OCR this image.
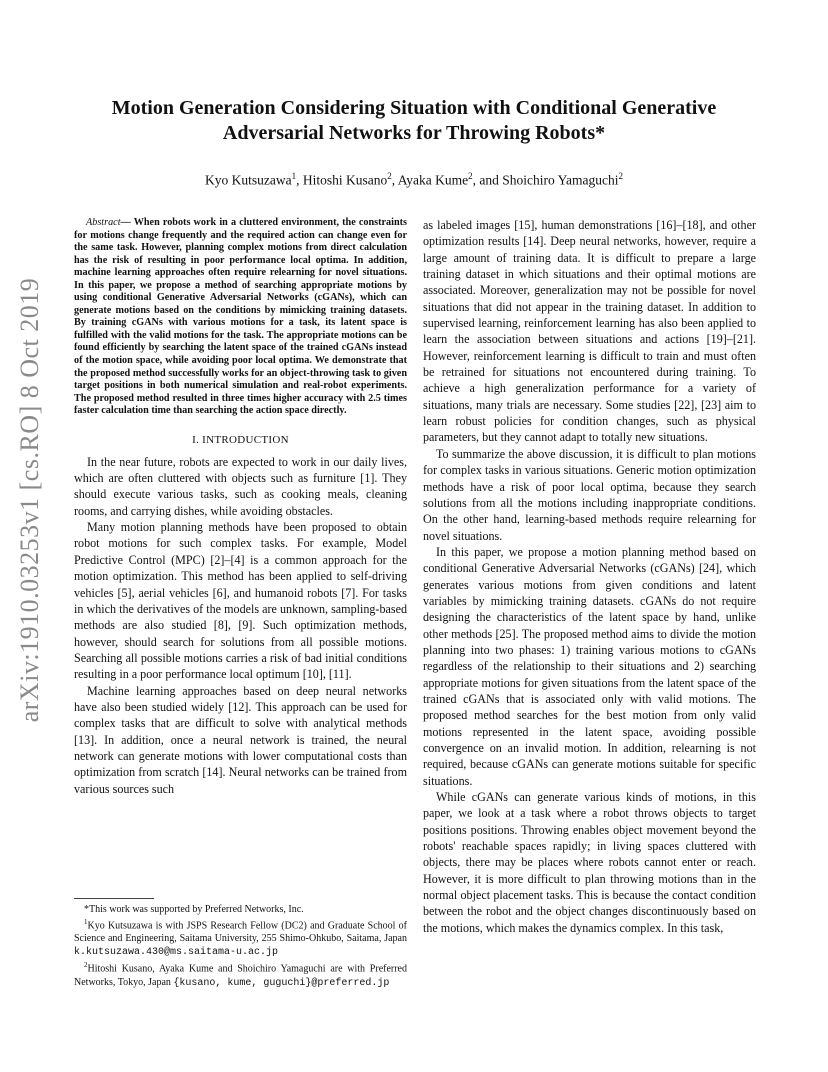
arXiv:1910.03253v1 [cs.RO] 8 Oct 2019
Motion Generation Considering Situation with Conditional Generative
Adversarial Networks for Throwing Robots*

Kyo Kutsuzawa$^1$, Hitoshi Kusano$^2$, Ayaka Kume$^2$, and Shoichiro Yamaguchi$^2$

Abstract— When robots work in a cluttered environment, the constraints for motions change frequently and the required action can change even for the same task. However, planning complex motions from direct calculation has the risk of resulting in poor performance local optima. In addition, machine learning approaches often require relearning for novel situations. In this paper, we propose a method of searching appropriate motions by using conditional Generative Adversarial Networks (cGANs), which can generate motions based on the conditions by mimicking training datasets. By training cGANs with various motions for a task, its latent space is fulfilled with the valid motions for the task. The appropriate motions can be found efficiently by searching the latent space of the trained cGANs instead of the motion space, while avoiding poor local optima. We demonstrate that the proposed method successfully works for an object-throwing task to given target positions in both numerical simulation and real-robot experiments. The proposed method resulted in three times higher accuracy with 2.5 times faster calculation time than searching the action space directly.

I. INTRODUCTION

In the near future, robots are expected to work in our daily lives, which are often cluttered with objects such as furniture [1]. They should execute various tasks, such as cooking meals, cleaning rooms, and carrying dishes, while avoiding obstacles.

Many motion planning methods have been proposed to obtain robot motions for such complex tasks. For example, Model Predictive Control (MPC) [2]–[4] is a common approach for the motion optimization. This method has been applied to self-driving vehicles [5], aerial vehicles [6], and humanoid robots [7]. For tasks in which the derivatives of the models are unknown, sampling-based methods are also studied [8], [9]. Such optimization methods, however, should search for solutions from all possible motions. Searching all possible motions carries a risk of bad initial conditions resulting in a poor performance local optimum [10], [11].

Machine learning approaches based on deep neural networks have also been studied widely [12]. This approach can be used for complex tasks that are difficult to solve with analytical methods [13]. In addition, once a neural network is trained, the neural network can generate motions with lower computational costs than optimization from scratch [14]. Neural networks can be trained from various sources such

as labeled images [15], human demonstrations [16]–[18], and other optimization results [14]. Deep neural networks, however, require a large amount of training data. It is difficult to prepare a large training dataset in which situations and their optimal motions are associated. Moreover, generalization may not be possible for novel situations that did not appear in the training dataset. In addition to supervised learning, reinforcement learning has also been applied to learn the association between situations and actions [19]–[21]. However, reinforcement learning is difficult to train and must often be retrained for situations not encountered during training. To achieve a high generalization performance for a variety of situations, many trials are necessary. Some studies [22], [23] aim to learn robust policies for condition changes, such as physical parameters, but they cannot adapt to totally new situations.

To summarize the above discussion, it is difficult to plan motions for complex tasks in various situations. Generic motion optimization methods have a risk of poor local optima, because they search solutions from all the motions including inappropriate conditions. On the other hand, learning-based methods require relearning for novel situations.

In this paper, we propose a motion planning method based on conditional Generative Adversarial Networks (cGANs) [24], which generates various motions from given conditions and latent variables by mimicking training datasets. cGANs do not require designing the characteristics of the latent space by hand, unlike other methods [25]. The proposed method aims to divide the motion planning into two phases: 1) training various motions to cGANs regardless of the relationship to their situations and 2) searching appropriate motions for given situations from the latent space of the trained cGANs that is associated only with valid motions. The proposed method searches for the best motion from only valid motions represented in the latent space, avoiding possible convergence on an invalid motion. In addition, relearning is not required, because cGANs can generate motions suitable for specific situations.

While cGANs can generate various kinds of motions, in this paper, we look at a task where a robot throws objects to target positions positions. Throwing enables object movement beyond the robots' reachable spaces rapidly; in living spaces cluttered with objects, there may be places where robots cannot enter or reach. However, it is more difficult to plan throwing motions than in the normal object placement tasks. This is because the contact condition between the robot and the object changes discontinuously based on the motions, which makes the dynamics complex. In this task,

*This work was supported by Preferred Networks, Inc.

$^1$Kyo Kutsuzawa is with JSPS Research Fellow (DC2) and Graduate School of Science and Engineering, Saitama University, 255 Shimo-Ohkubo, Saitama, Japan k.kutsuzawa.430@ms.saitama-u.ac.jp

$^2$Hitoshi Kusano, Ayaka Kume and Shoichiro Yamaguchi are with Preferred Networks, Tokyo, Japan {kusano, kume, guguchi}@preferred.jp
